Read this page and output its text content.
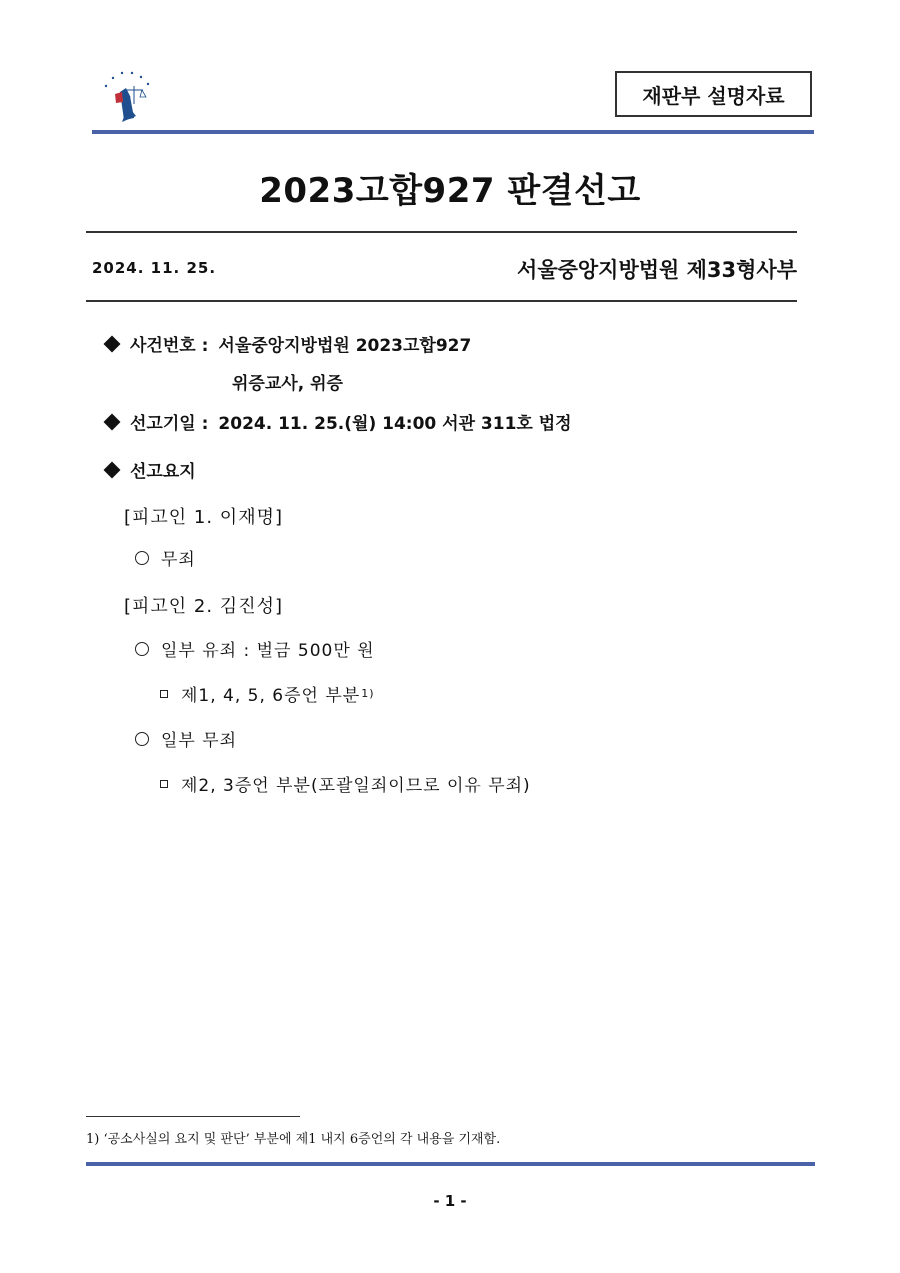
재판부 설명자료
2023고합927 판결선고
2024. 11. 25.	서울중앙지방법원 제33형사부
사건번호 : 서울중앙지방법원 2023고합927
위증교사, 위증
선고기일 : 2024. 11. 25.(월) 14:00 서관 311호 법정
선고요지
[피고인 1. 이재명]
무죄
[피고인 2. 김진성]
일부 유죄 : 벌금 500만 원
제1, 4, 5, 6증언 부분 1)
일부 무죄
제2, 3증언 부분(포괄일죄이므로 이유 무죄)
1) ‘공소사실의 요지 및 판단’ 부분에 제1 내지 6증언의 각 내용을 기재함.
- 1 -
